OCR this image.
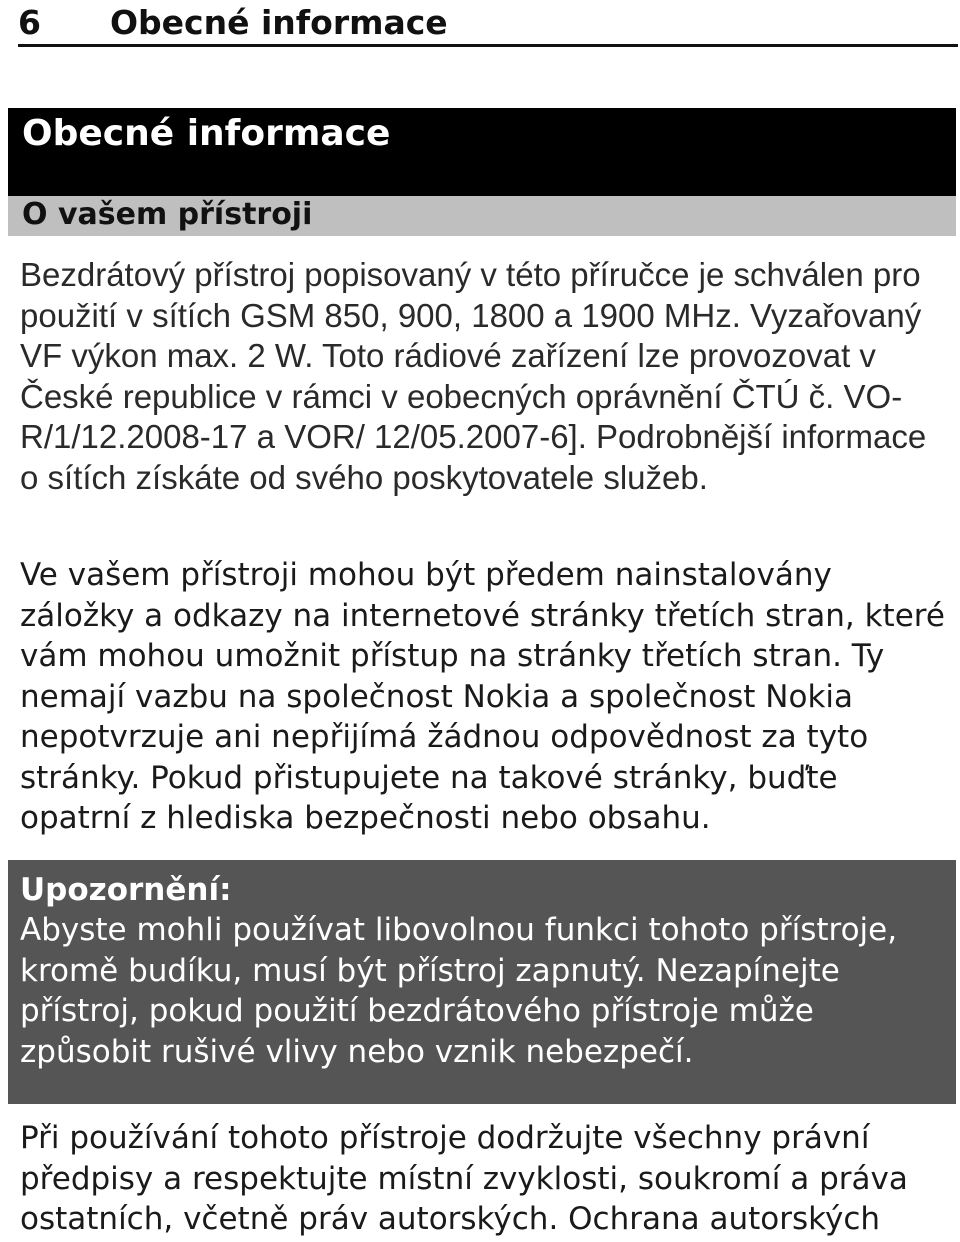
6	Obecné informace
Obecné informace
O vašem přístroji

Bezdrátový přístroj popisovaný v této příručce je schválen pro použití v sítích GSM 850, 900, 1800 a 1900 MHz. Vyzařovaný VF výkon max. 2 W. Toto rádiové zařízení lze provozovat v České republice v rámci v eobecných oprávnění ČTÚ č. VO-R/1/12.2008-17 a VOR/ 12/05.2007-6]. Podrobnější informace o sítích získáte od svého poskytovatele služeb.

Ve vašem přístroji mohou být předem nainstalovány záložky a odkazy na internetové stránky třetích stran, které vám mohou umožnit přístup na stránky třetích stran. Ty nemají vazbu na společnost Nokia a společnost Nokia nepotvrzuje ani nepřijímá žádnou odpovědnost za tyto stránky. Pokud přistupujete na takové stránky, buďte opatrní z hlediska bezpečnosti nebo obsahu.

Upozornění:

Abyste mohli používat libovolnou funkci tohoto přístroje, kromě budíku, musí být přístroj zapnutý. Nezapínejte přístroj, pokud použití bezdrátového přístroje může způsobit rušivé vlivy nebo vznik nebezpečí.

Při používání tohoto přístroje dodržujte všechny právní předpisy a respektujte místní zvyklosti, soukromí a práva ostatních, včetně práv autorských. Ochrana autorských
